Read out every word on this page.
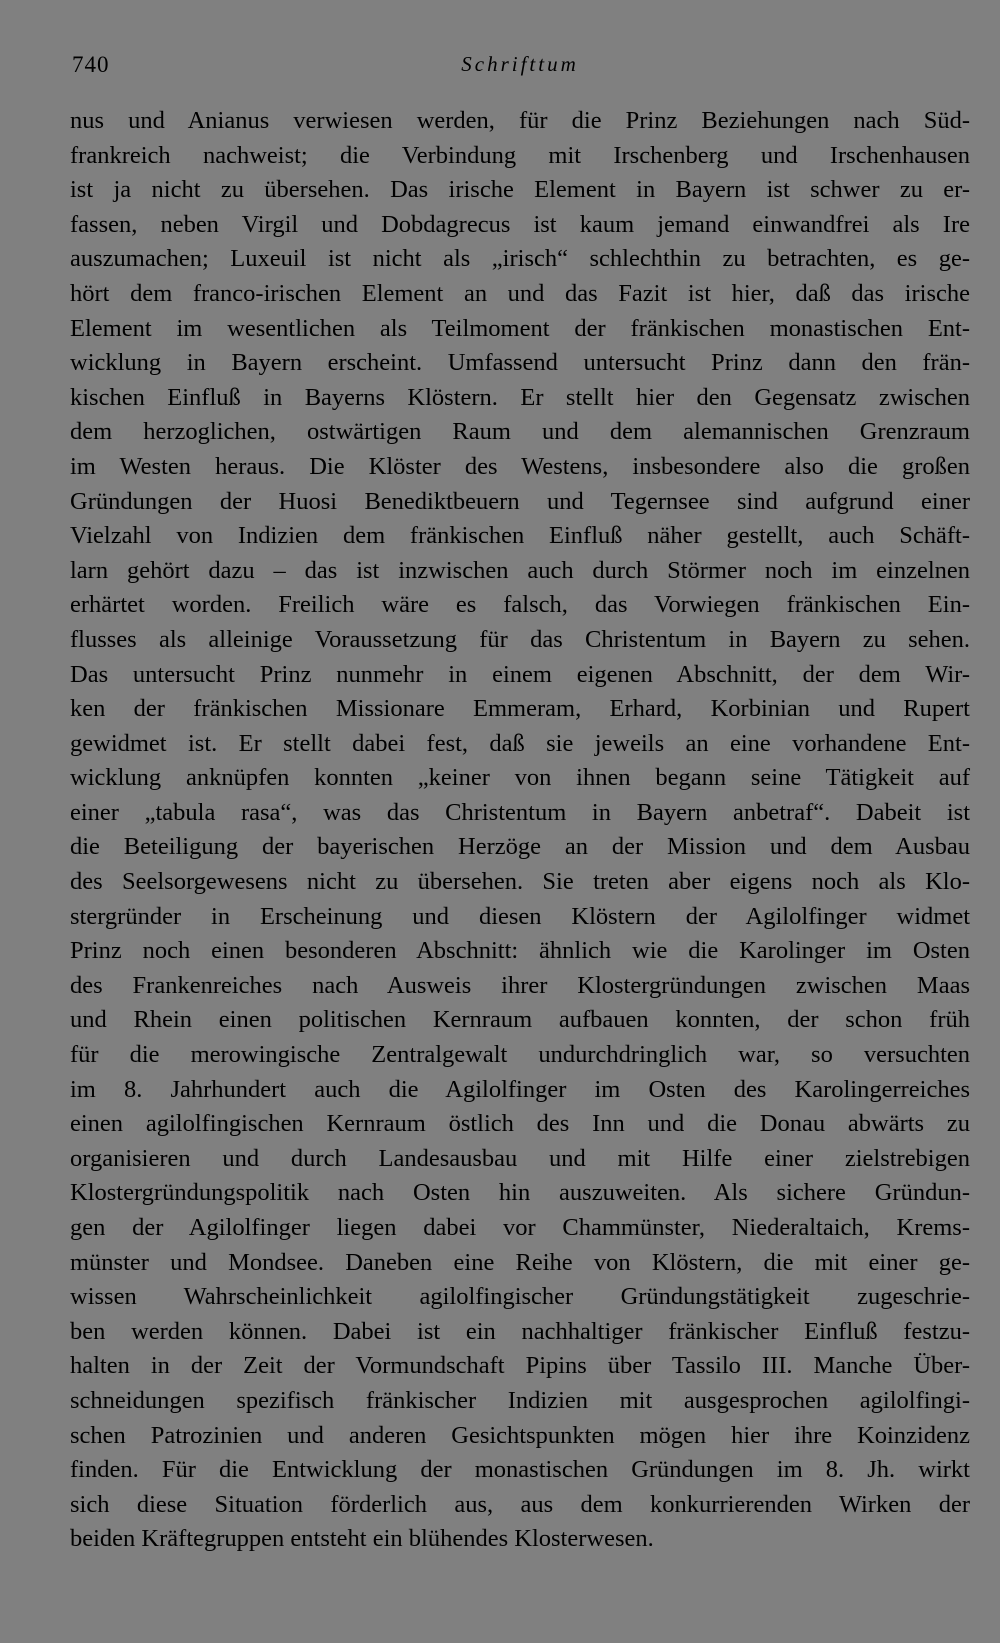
740	Schrifttum
nus und Anianus verwiesen werden, für die Prinz Beziehungen nach Süd-
frankreich nachweist; die Verbindung mit Irschenberg und Irschenhausen
ist ja nicht zu übersehen. Das irische Element in Bayern ist schwer zu er-
fassen, neben Virgil und Dobdagrecus ist kaum jemand einwandfrei als Ire
auszumachen; Luxeuil ist nicht als „irisch“ schlechthin zu betrachten, es ge-
hört dem franco-irischen Element an und das Fazit ist hier, daß das irische
Element im wesentlichen als Teilmoment der fränkischen monastischen Ent-
wicklung in Bayern erscheint. Umfassend untersucht Prinz dann den frän-
kischen Einfluß in Bayerns Klöstern. Er stellt hier den Gegensatz zwischen
dem herzoglichen, ostwärtigen Raum und dem alemannischen Grenzraum
im Westen heraus. Die Klöster des Westens, insbesondere also die großen
Gründungen der Huosi Benediktbeuern und Tegernsee sind aufgrund einer
Vielzahl von Indizien dem fränkischen Einfluß näher gestellt, auch Schäft-
larn gehört dazu – das ist inzwischen auch durch Störmer noch im einzelnen
erhärtet worden. Freilich wäre es falsch, das Vorwiegen fränkischen Ein-
flusses als alleinige Voraussetzung für das Christentum in Bayern zu sehen.
Das untersucht Prinz nunmehr in einem eigenen Abschnitt, der dem Wir-
ken der fränkischen Missionare Emmeram, Erhard, Korbinian und Rupert
gewidmet ist. Er stellt dabei fest, daß sie jeweils an eine vorhandene Ent-
wicklung anknüpfen konnten „keiner von ihnen begann seine Tätigkeit auf
einer „tabula rasa“, was das Christentum in Bayern anbetraf“. Dabeit ist
die Beteiligung der bayerischen Herzöge an der Mission und dem Ausbau
des Seelsorgewesens nicht zu übersehen. Sie treten aber eigens noch als Klo-
stergründer in Erscheinung und diesen Klöstern der Agilolfinger widmet
Prinz noch einen besonderen Abschnitt: ähnlich wie die Karolinger im Osten
des Frankenreiches nach Ausweis ihrer Klostergründungen zwischen Maas
und Rhein einen politischen Kernraum aufbauen konnten, der schon früh
für die merowingische Zentralgewalt undurchdringlich war, so versuchten
im 8. Jahrhundert auch die Agilolfinger im Osten des Karolingerreiches
einen agilolfingischen Kernraum östlich des Inn und die Donau abwärts zu
organisieren und durch Landesausbau und mit Hilfe einer zielstrebigen
Klostergründungspolitik nach Osten hin auszuweiten. Als sichere Gründun-
gen der Agilolfinger liegen dabei vor Chammünster, Niederaltaich, Krems-
münster und Mondsee. Daneben eine Reihe von Klöstern, die mit einer ge-
wissen Wahrscheinlichkeit agilolfingischer Gründungstätigkeit zugeschrie-
ben werden können. Dabei ist ein nachhaltiger fränkischer Einfluß festzu-
halten in der Zeit der Vormundschaft Pipins über Tassilo III. Manche Über-
schneidungen spezifisch fränkischer Indizien mit ausgesprochen agilolfingi-
schen Patrozinien und anderen Gesichtspunkten mögen hier ihre Koinzidenz
finden. Für die Entwicklung der monastischen Gründungen im 8. Jh. wirkt
sich diese Situation förderlich aus, aus dem konkurrierenden Wirken der
beiden Kräftegruppen entsteht ein blühendes Klosterwesen.
